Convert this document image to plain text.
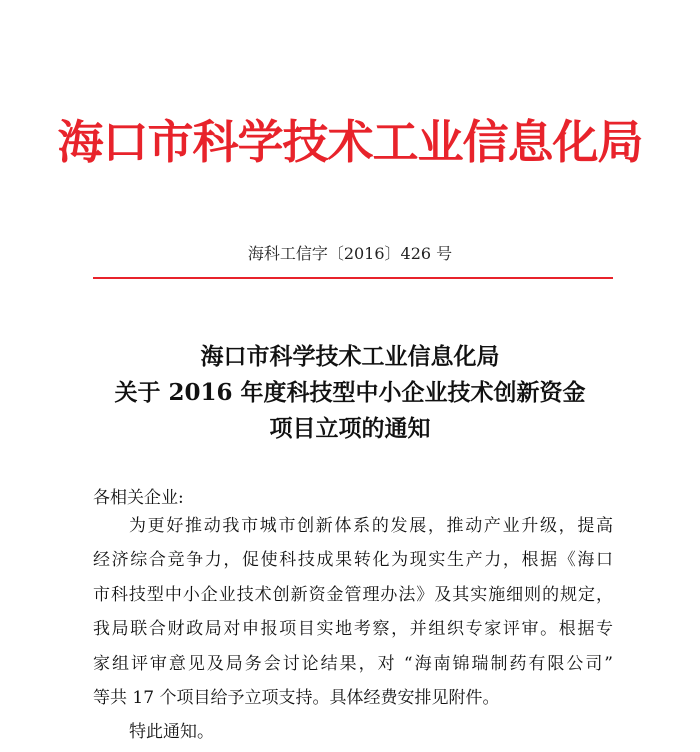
海口市科学技术工业信息化局
海科工信字〔2016〕426 号
海口市科学技术工业信息化局
关于 2016 年度科技型中小企业技术创新资金
项目立项的通知
各相关企业:
为更好推动我市城市创新体系的发展，推动产业升级，提高
经济综合竞争力，促使科技成果转化为现实生产力，根据《海口
市科技型中小企业技术创新资金管理办法》及其实施细则的规定，
我局联合财政局对申报项目实地考察，并组织专家评审。根据专
家组评审意见及局务会讨论结果，对 “海南锦瑞制药有限公司”
等共 17 个项目给予立项支持。具体经费安排见附件。
特此通知。
